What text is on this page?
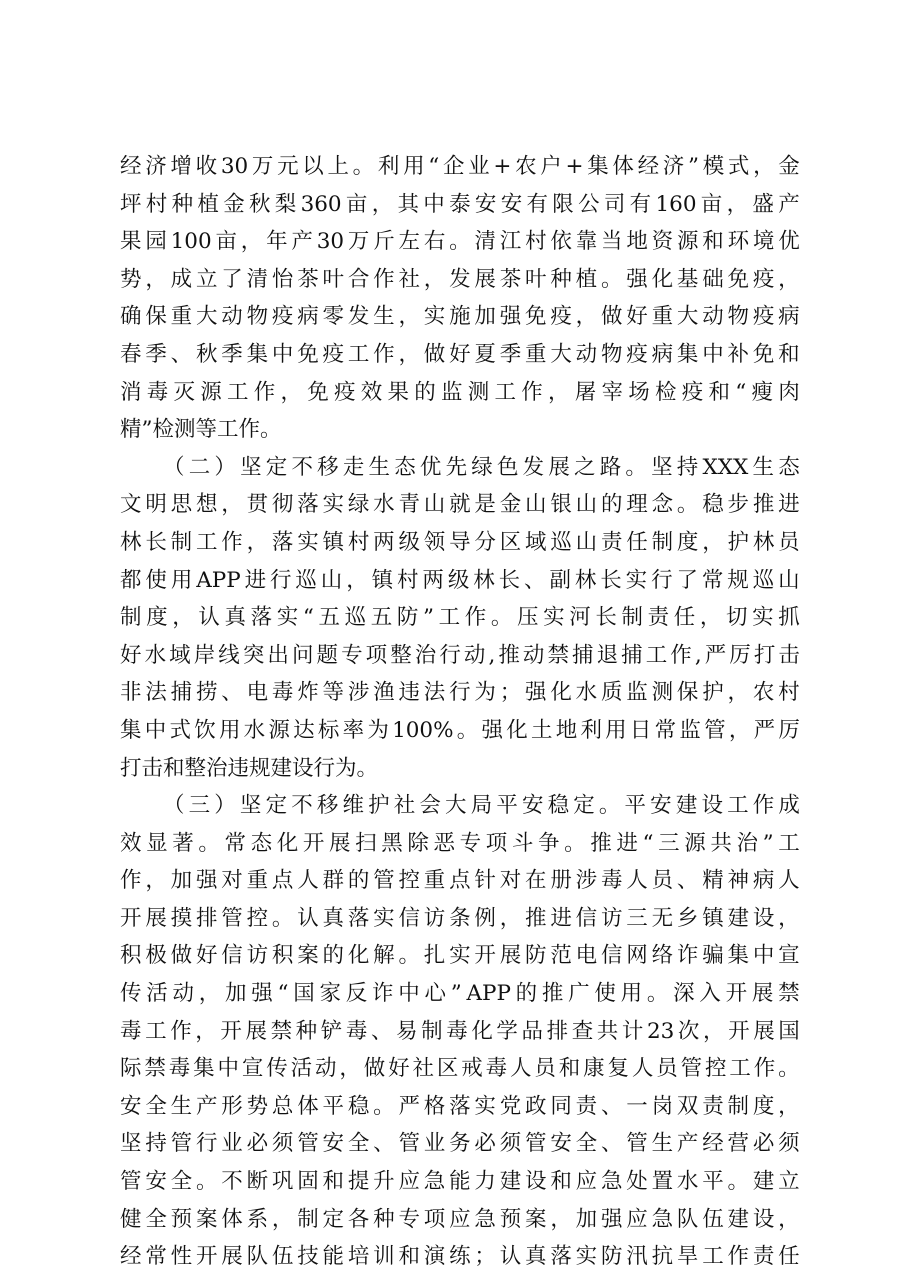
经 济 增 收 30 万 元 以 上 。 利 用 “ 企 业 + 农 户 + 集 体 经 济 ” 模 式 ， 金
坪 村 种 植 金 秋 梨 360 亩 ， 其 中 泰 安 安 有 限 公 司 有 160 亩 ， 盛 产
果 园 100 亩 ， 年 产 30 万 斤 左 右 。 清 江 村 依 靠 当 地 资 源 和 环 境 优
势 ， 成 立 了 清 怡 茶 叶 合 作 社 ， 发 展 茶 叶 种 植 。 强 化 基 础 免 疫 ，
确 保 重 大 动 物 疫 病 零 发 生 ， 实 施 加 强 免 疫 ， 做 好 重 大 动 物 疫 病
春 季 、 秋 季 集 中 免 疫 工 作 ， 做 好 夏 季 重 大 动 物 疫 病 集 中 补 免 和
消 毒 灭 源 工 作 ， 免 疫 效 果 的 监 测 工 作 ， 屠 宰 场 检 疫 和 “ 瘦 肉
精”检测等工作。
（ 二 ） 坚 定 不 移 走 生 态 优 先 绿 色 发 展 之 路 。 坚 持 XXX 生 态
文 明 思 想 ， 贯 彻 落 实 绿 水 青 山 就 是 金 山 银 山 的 理 念 。 稳 步 推 进
林 长 制 工 作 ， 落 实 镇 村 两 级 领 导 分 区 域 巡 山 责 任 制 度 ， 护 林 员
都 使 用 APP 进 行 巡 山 ， 镇 村 两 级 林 长 、 副 林 长 实 行 了 常 规 巡 山
制 度 ， 认 真 落 实 “ 五 巡 五 防 ” 工 作 。 压 实 河 长 制 责 任 ， 切 实 抓
好 水 域 岸 线 突 出 问 题 专 项 整 治 行 动 , 推 动 禁 捕 退 捕 工 作 , 严 厉 打 击
非 法 捕 捞 、 电 毒 炸 等 涉 渔 违 法 行 为 ； 强 化 水 质 监 测 保 护 ， 农 村
集 中 式 饮 用 水 源 达 标 率 为 100% 。 强 化 土 地 利 用 日 常 监 管 ， 严 厉
打击和整治违规建设行为。
（ 三 ） 坚 定 不 移 维 护 社 会 大 局 平 安 稳 定 。 平 安 建 设 工 作 成
效 显 著 。 常 态 化 开 展 扫 黑 除 恶 专 项 斗 争 。 推 进 “ 三 源 共 治 ” 工
作 ， 加 强 对 重 点 人 群 的 管 控 重 点 针 对 在 册 涉 毒 人 员 、 精 神 病 人
开 展 摸 排 管 控 。 认 真 落 实 信 访 条 例 ， 推 进 信 访 三 无 乡 镇 建 设 ，
积 极 做 好 信 访 积 案 的 化 解 。 扎 实 开 展 防 范 电 信 网 络 诈 骗 集 中 宣
传 活 动 ， 加 强 “ 国 家 反 诈 中 心 ” APP 的 推 广 使 用 。 深 入 开 展 禁
毒 工 作 ， 开 展 禁 种 铲 毒 、 易 制 毒 化 学 品 排 查 共 计 23 次 ， 开 展 国
际 禁 毒 集 中 宣 传 活 动 ， 做 好 社 区 戒 毒 人 员 和 康 复 人 员 管 控 工 作 。
安 全 生 产 形 势 总 体 平 稳 。 严 格 落 实 党 政 同 责 、 一 岗 双 责 制 度 ，
坚 持 管 行 业 必 须 管 安 全 、 管 业 务 必 须 管 安 全 、 管 生 产 经 营 必 须
管 安 全 。 不 断 巩 固 和 提 升 应 急 能 力 建 设 和 应 急 处 置 水 平 。 建 立
健 全 预 案 体 系 ， 制 定 各 种 专 项 应 急 预 案 ， 加 强 应 急 队 伍 建 设 ，
经 常 性 开 展 队 伍 技 能 培 训 和 演 练 ； 认 真 落 实 防 汛 抗 旱 工 作 责 任
